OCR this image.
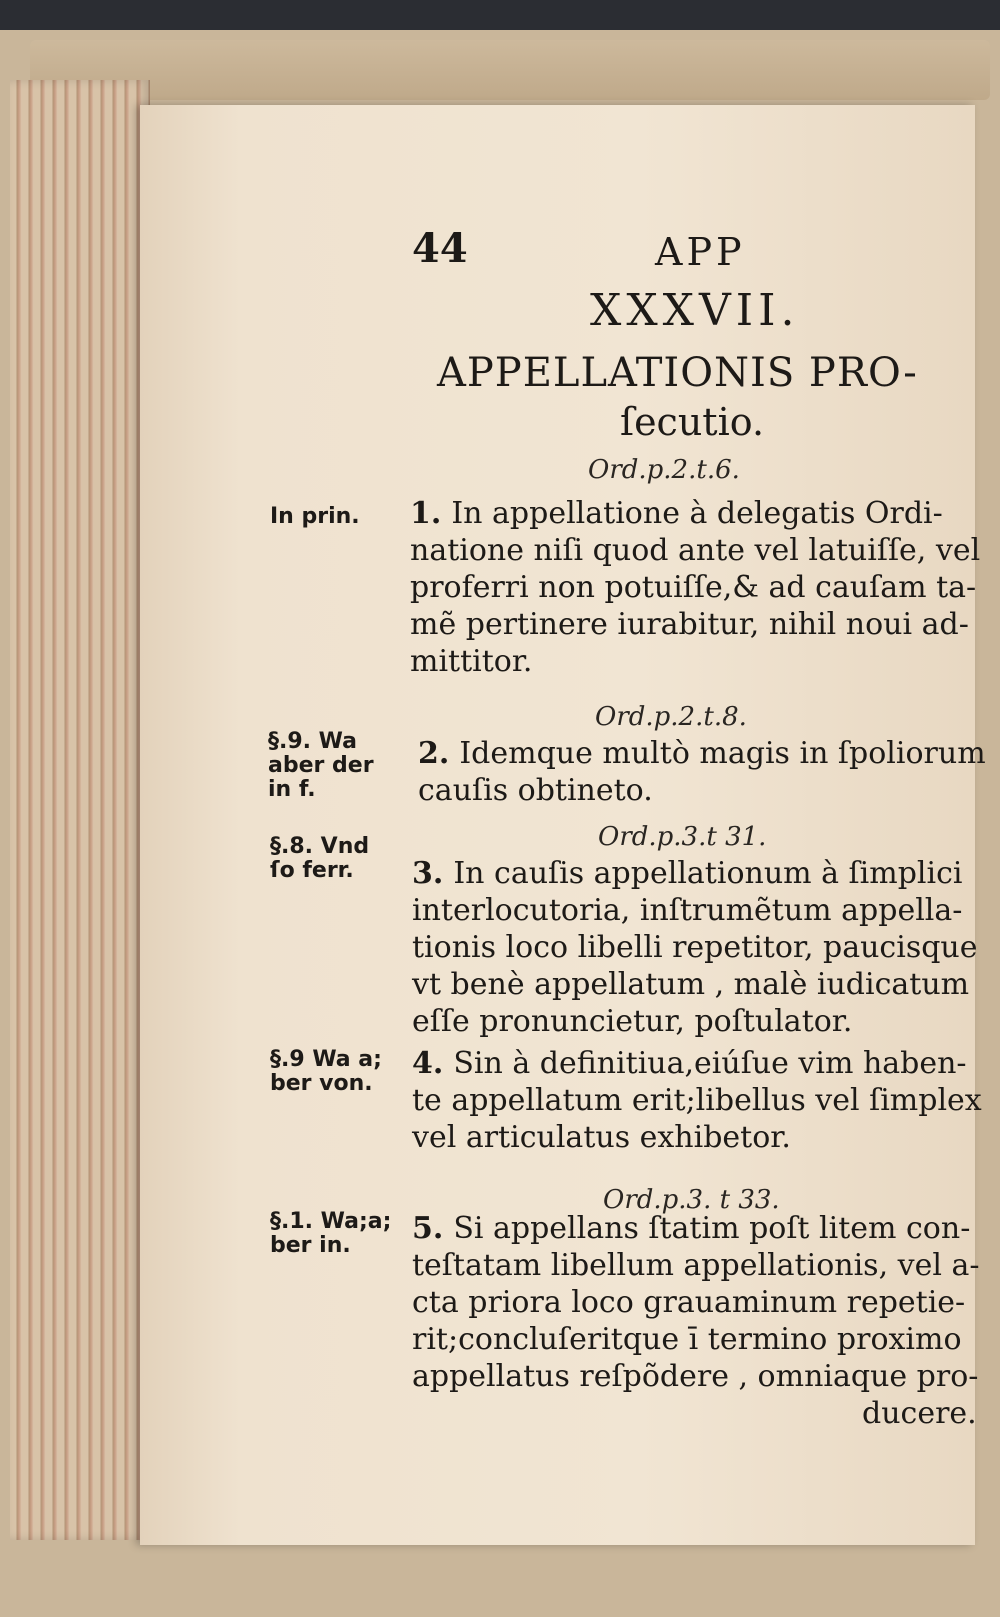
44	APP
XXXVII.
APPELLATIONIS PRO-
ſecutio.
Ord.p.2.t.6.
In prin. 1. In appellatione à delegatis Ordi-
natione niſi quod ante vel latuiſſe, vel
proferri non potuiſſe,& ad cauſam ta-
mẽ pertinere iurabitur, nihil noui ad-
mittitor.
Ord.p.2.t.8.
§.9. Wa
aber der
in f.
2. Idemque multò magis in ſpoliorum
cauſis obtineto.
Ord.p.3.t 31.
§.8. Vnd
ſo ferr.	3. In cauſis appellationum à ſimplici
interlocutoria, inſtrumẽtum appella-
tionis loco libelli repetitor, paucisque
vt benè appellatum , malè iudicatum
eſſe pronuncietur, poſtulator.
§.9 Wa a;
ber von.
4. Sin à definitiua,eiúſue vim haben-
te appellatum erit;libellus vel ſimplex
vel articulatus exhibetor.
Ord.p.3. t 33.
§.1. Wa;a;
ber in.	5. Si appellans ſtatim poſt litem con-
teſtatam libellum appellationis, vel a-
cta priora loco grauaminum repetie-
rit;concluſeritque ī termino proximo
appellatus reſpõdere , omniaque pro-
ducere.
